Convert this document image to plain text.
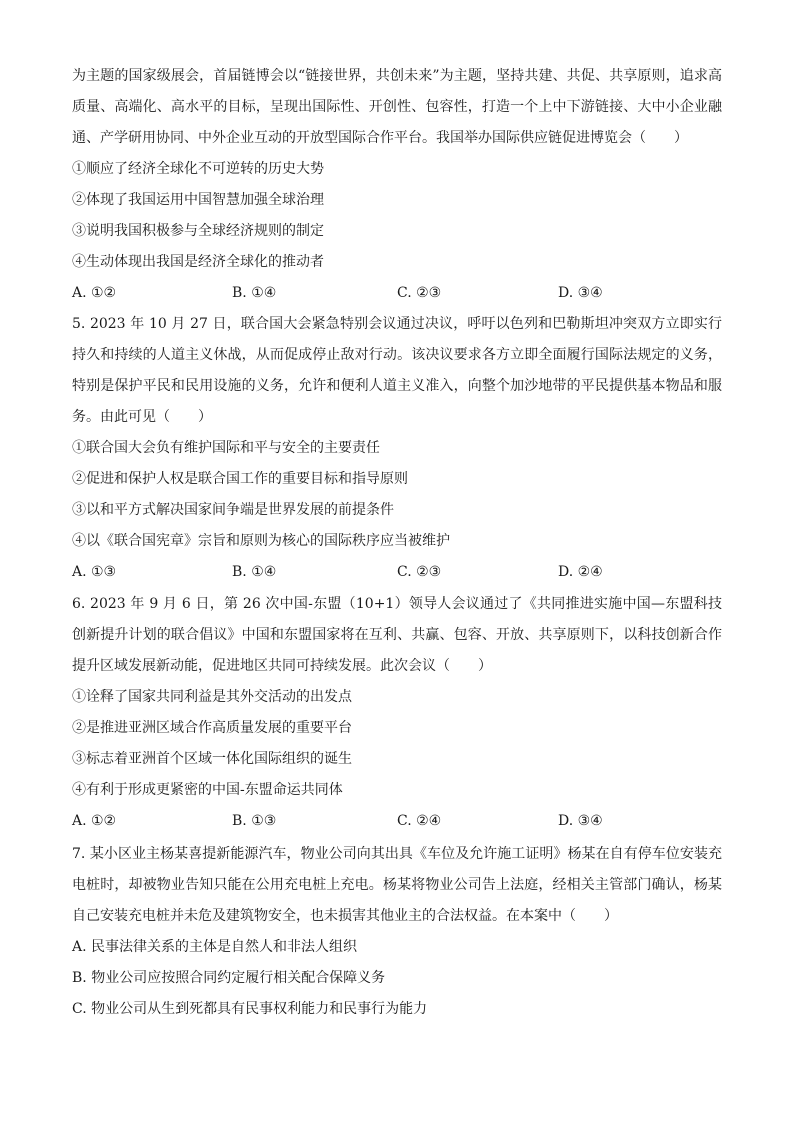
为主题的国家级展会，首届链博会以“链接世界，共创未来”为主题，坚持共建、共促、共享原则，追求高质量、高端化、高水平的目标，呈现出国际性、开创性、包容性，打造一个上中下游链接、大中小企业融通、产学研用协同、中外企业互动的开放型国际合作平台。我国举办国际供应链促进博览会（　　）

①顺应了经济全球化不可逆转的历史大势

②体现了我国运用中国智慧加强全球治理

③说明我国积极参与全球经济规则的制定

④生动体现出我国是经济全球化的推动者

A. ①②	B. ①④	C. ②③	D. ③④

5. 2023 年 10 月 27 日，联合国大会紧急特别会议通过决议，呼吁以色列和巴勒斯坦冲突双方立即实行持久和持续的人道主义休战，从而促成停止敌对行动。该决议要求各方立即全面履行国际法规定的义务，特别是保护平民和民用设施的义务，允许和便利人道主义准入，向整个加沙地带的平民提供基本物品和服务。由此可见（　　）

①联合国大会负有维护国际和平与安全的主要责任

②促进和保护人权是联合国工作的重要目标和指导原则

③以和平方式解决国家间争端是世界发展的前提条件

④以《联合国宪章》宗旨和原则为核心的国际秩序应当被维护

A. ①③	B. ①④	C. ②③	D. ②④

6. 2023 年 9 月 6 日，第 26 次中国-东盟（10+1）领导人会议通过了《共同推进实施中国—东盟科技创新提升计划的联合倡议》中国和东盟国家将在互利、共赢、包容、开放、共享原则下，以科技创新合作提升区域发展新动能，促进地区共同可持续发展。此次会议（　　）

①诠释了国家共同利益是其外交活动的出发点

②是推进亚洲区域合作高质量发展的重要平台

③标志着亚洲首个区域一体化国际组织的诞生

④有利于形成更紧密的中国-东盟命运共同体

A. ①②	B. ①③	C. ②④	D. ③④

7. 某小区业主杨某喜提新能源汽车，物业公司向其出具《车位及允许施工证明》杨某在自有停车位安装充电桩时，却被物业告知只能在公用充电桩上充电。杨某将物业公司告上法庭，经相关主管部门确认，杨某自己安装充电桩并未危及建筑物安全，也未损害其他业主的合法权益。在本案中（　　）

A. 民事法律关系的主体是自然人和非法人组织

B. 物业公司应按照合同约定履行相关配合保障义务

C. 物业公司从生到死都具有民事权利能力和民事行为能力
